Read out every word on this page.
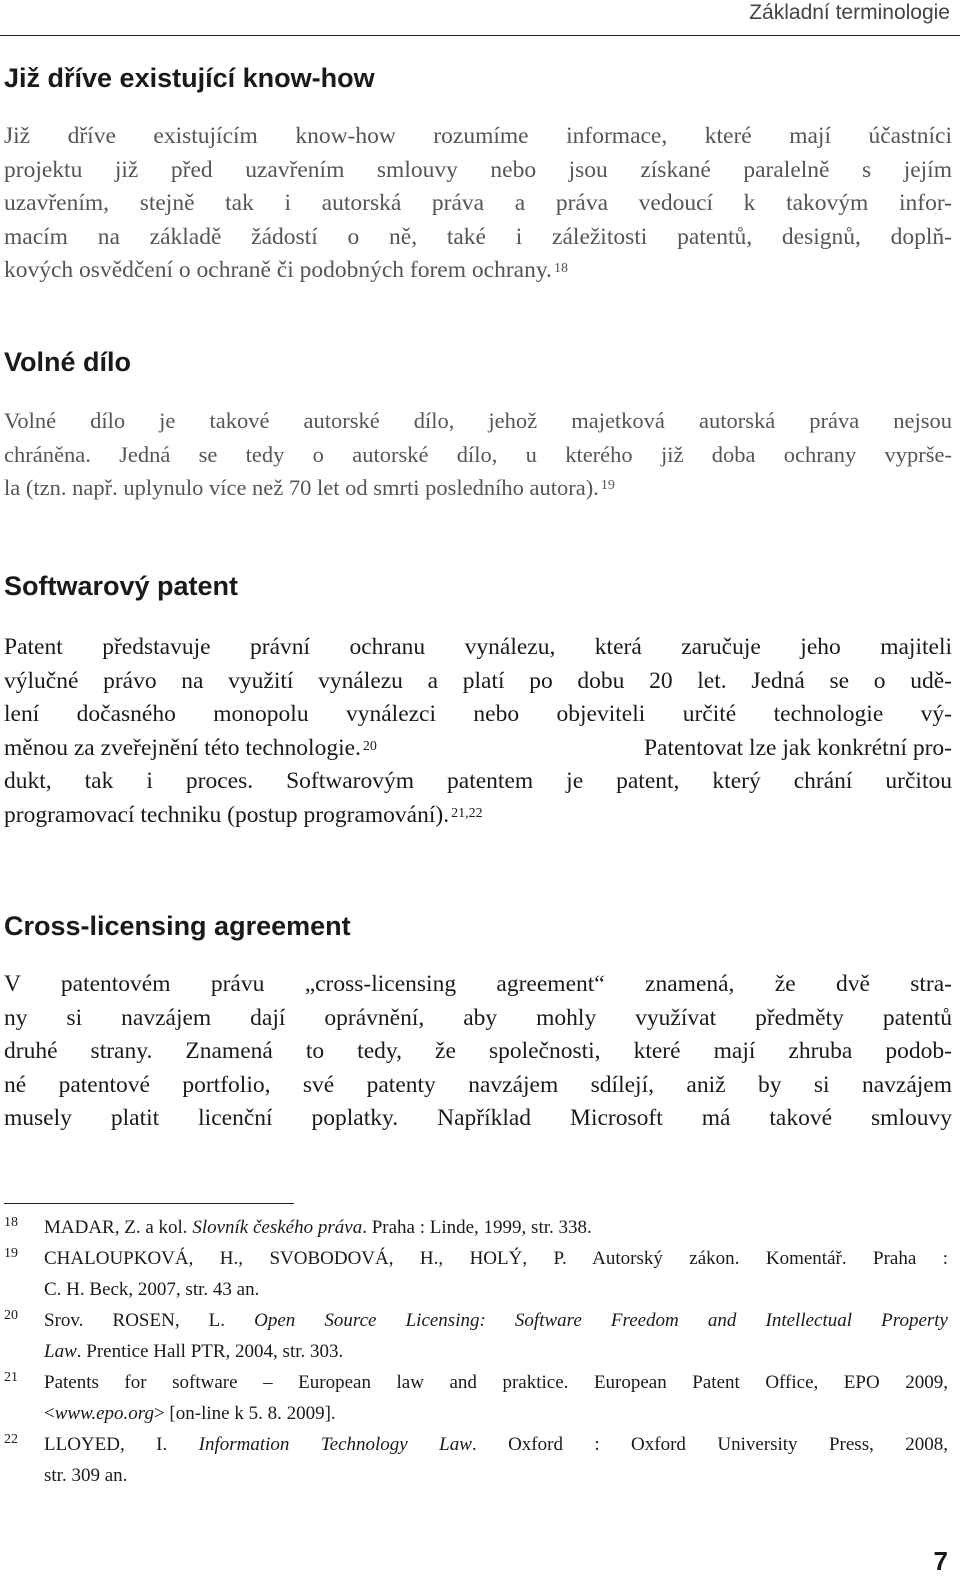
Základní terminologie
Již dříve existující know-how

Již dříve existujícím know-how rozumíme informace, které mají účastníci
projektu již před uzavřením smlouvy nebo jsou získané paralelně s jejím
uzavřením, stejně tak i autorská práva a práva vedoucí k takovým infor-
macím na základě žádostí o ně, také i záležitosti patentů, designů, doplň-
kových osvědčení o ochraně či podobných forem ochrany. $^{18}$

Volné dílo

Volné dílo je takové autorské dílo, jehož majetková autorská práva nejsou
chráněna. Jedná se tedy o autorské dílo, u kterého již doba ochrany vyprše-
la (tzn. např. uplynulo více než 70 let od smrti posledního autora). $^{19}$

Softwarový patent

Patent představuje právní ochranu vynálezu, která zaručuje jeho majiteli
výlučné právo na využití vynálezu a platí po dobu 20 let. Jedná se o udě-
lení dočasného monopolu vynálezci nebo objeviteli určité technologie vý-
měnou za zveřejnění této technologie. $^{20}$	Patentovat lze jak konkrétní pro-
dukt, tak i proces. Softwarovým patentem je patent, který chrání určitou
programovací techniku (postup programování). $^{21,22}$

Cross-licensing agreement

V patentovém právu „cross-licensing agreement“ znamená, že dvě stra-
ny si navzájem dají oprávnění, aby mohly využívat předměty patentů
druhé strany. Znamená to tedy, že společnosti, které mají zhruba podob-
né patentové portfolio, své patenty navzájem sdílejí, aniž by si navzájem
musely platit licenční poplatky. Například Microsoft má takové smlouvy

18 MADAR, Z. a kol. Slovník českého práva. Praha : Linde, 1999, str. 338.
19 CHALOUPKOVÁ, H., SVOBODOVÁ, H., HOLÝ, P. Autorský zákon. Komentář. Praha :
C. H. Beck, 2007, str. 43 an.
20 Srov. ROSEN, L. Open Source Licensing: Software Freedom and Intellectual Property
Law. Prentice Hall PTR, 2004, str. 303.
21 Patents for software – European law and praktice. European Patent Office, EPO 2009,
<www.epo.org> [on-line k 5. 8. 2009].
22 LLOYED, I. Information Technology Law. Oxford : Oxford University Press, 2008,
str. 309 an.
7
